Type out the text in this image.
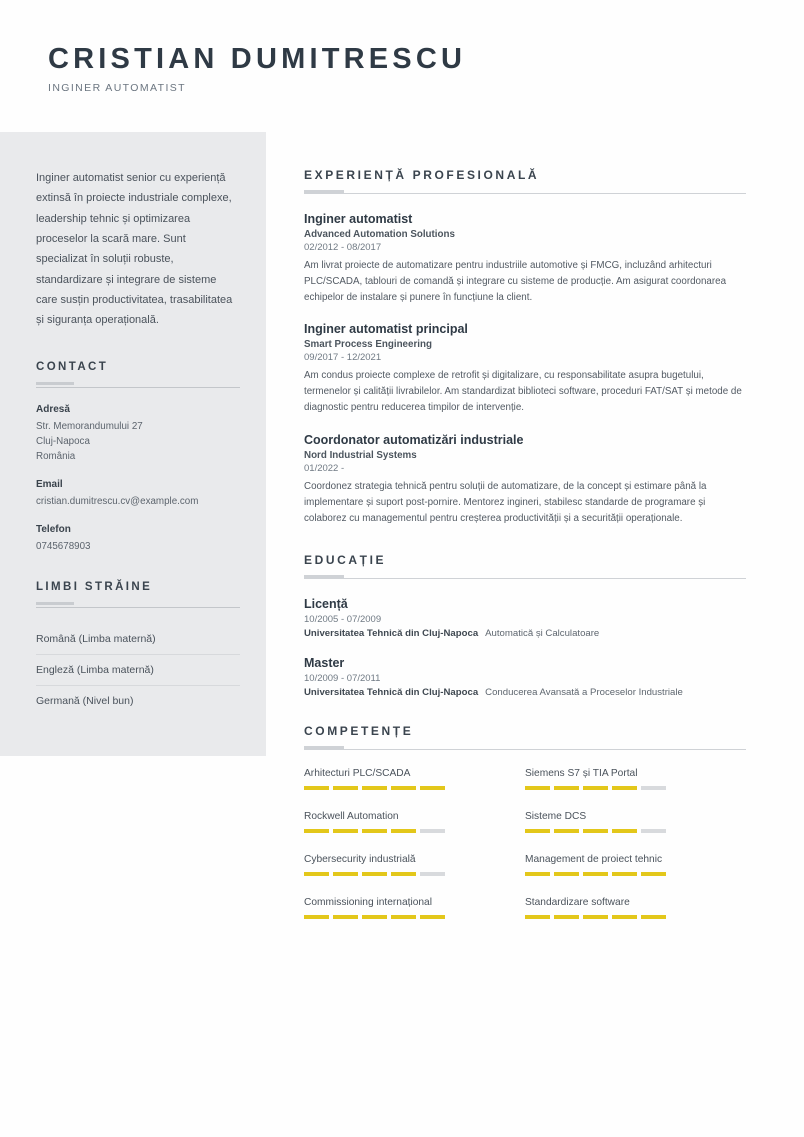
CRISTIAN DUMITRESCU

INGINER AUTOMATIST

Inginer automatist senior cu experiență extinsă în proiecte industriale complexe, leadership tehnic și optimizarea proceselor la scară mare. Sunt specializat în soluții robuste, standardizare și integrare de sisteme care susțin productivitatea, trasabilitatea și siguranța operațională.

CONTACT
Adresă
Str. Memorandumului 27
Cluj-Napoca
România
Email
cristian.dumitrescu.cv@example.com
Telefon
0745678903
LIMBI STRĂINE
Română (Limba maternă)
Engleză (Limba maternă)
Germană (Nivel bun)
EXPERIENȚĂ PROFESIONALĂ

Inginer automatist

Advanced Automation Solutions

02/2012 - 08/2017

Am livrat proiecte de automatizare pentru industriile automotive și FMCG, incluzând arhitecturi PLC/SCADA, tablouri de comandă și integrare cu sisteme de producție. Am asigurat coordonarea echipelor de instalare și punere în funcțiune la client.

Inginer automatist principal

Smart Process Engineering

09/2017 - 12/2021

Am condus proiecte complexe de retrofit și digitalizare, cu responsabilitate asupra bugetului, termenelor și calității livrabilelor. Am standardizat biblioteci software, proceduri FAT/SAT și metode de diagnostic pentru reducerea timpilor de intervenție.

Coordonator automatizări industriale

Nord Industrial Systems

01/2022 -

Coordonez strategia tehnică pentru soluții de automatizare, de la concept și estimare până la implementare și suport post-pornire. Mentorez ingineri, stabilesc standarde de programare și colaborez cu managementul pentru creșterea productivității și a securității operaționale.

EDUCAȚIE

Licență

10/2005 - 07/2009

Universitatea Tehnică din Cluj-Napoca Automatică și Calculatoare

Master

10/2009 - 07/2011

Universitatea Tehnică din Cluj-Napoca Conducerea Avansată a Proceselor Industriale

COMPETENȚE
Arhitecturi PLC/SCADA	Siemens S7 și TIA Portal
Rockwell Automation	Sisteme DCS
Cybersecurity industrială	Management de proiect tehnic
Commissioning internațional	Standardizare software
